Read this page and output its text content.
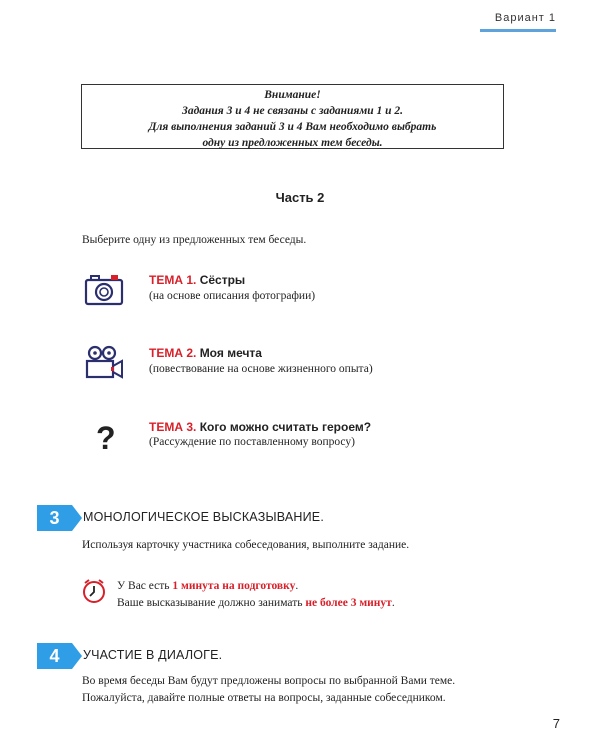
Вариант 1
Внимание!
Задания 3 и 4 не связаны с заданиями 1 и 2.
Для выполнения заданий 3 и 4 Вам необходимо выбрать
одну из предложенных тем беседы.
Часть 2
Выберите одну из предложенных тем беседы.
ТЕМА 1. Сёстры
(на основе описания фотографии)
ТЕМА 2. Моя мечта
(повествование на основе жизненного опыта)
?	ТЕМА 3. Кого можно считать героем?
(Рассуждение по поставленному вопросу)
3	МОНОЛОГИЧЕСКОЕ ВЫСКАЗЫВАНИЕ.
Используя карточку участника собеседования, выполните задание.
У Вас есть 1 минута на подготовку.
Ваше высказывание должно занимать не более 3 минут.
4	УЧАСТИЕ В ДИАЛОГЕ.
Во время беседы Вам будут предложены вопросы по выбранной Вами теме.
Пожалуйста, давайте полные ответы на вопросы, заданные собеседником.
7
